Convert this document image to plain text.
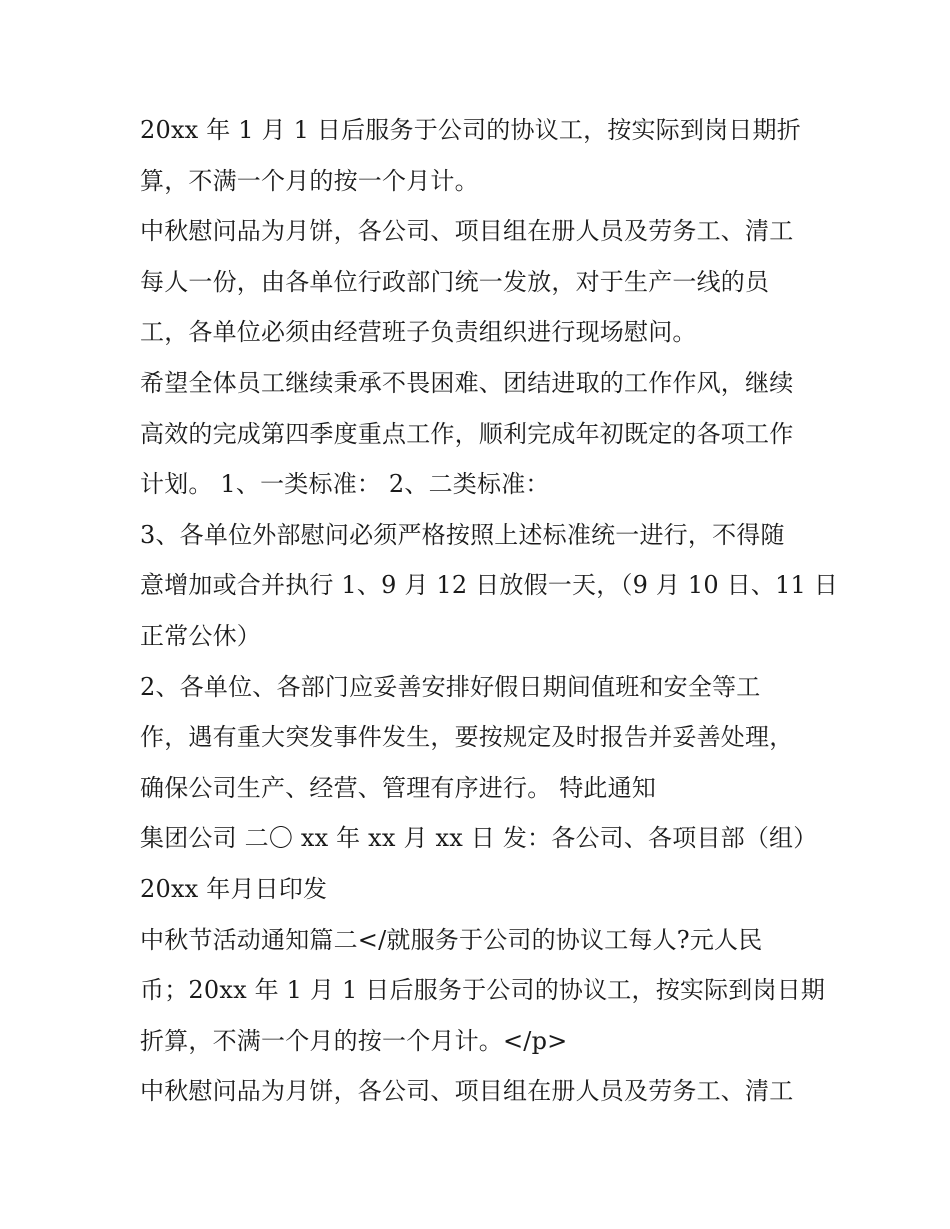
20xx 年 1 月 1 日后服务于公司的协议工，按实际到岗日期折
算，不满一个月的按一个月计。
中秋慰问品为月饼，各公司、项目组在册人员及劳务工、清工
每人一份，由各单位行政部门统一发放，对于生产一线的员
工，各单位必须由经营班子负责组织进行现场慰问。
希望全体员工继续秉承不畏困难、团结进取的工作作风，继续
高效的完成第四季度重点工作，顺利完成年初既定的各项工作
计划。 1、一类标准： 2、二类标准：
3、各单位外部慰问必须严格按照上述标准统一进行，不得随
意增加或合并执行 1、9 月 12 日放假一天，（9 月 10 日、11 日
正常公休）
2、各单位、各部门应妥善安排好假日期间值班和安全等工
作，遇有重大突发事件发生，要按规定及时报告并妥善处理，
确保公司生产、经营、管理有序进行。 特此通知
集团公司 二〇 xx 年 xx 月 xx 日 发：各公司、各项目部（组）
20xx 年月日印发
中秋节活动通知篇二</就服务于公司的协议工每人?元人民
币；20xx 年 1 月 1 日后服务于公司的协议工，按实际到岗日期
折算，不满一个月的按一个月计。</p>
中秋慰问品为月饼，各公司、项目组在册人员及劳务工、清工
